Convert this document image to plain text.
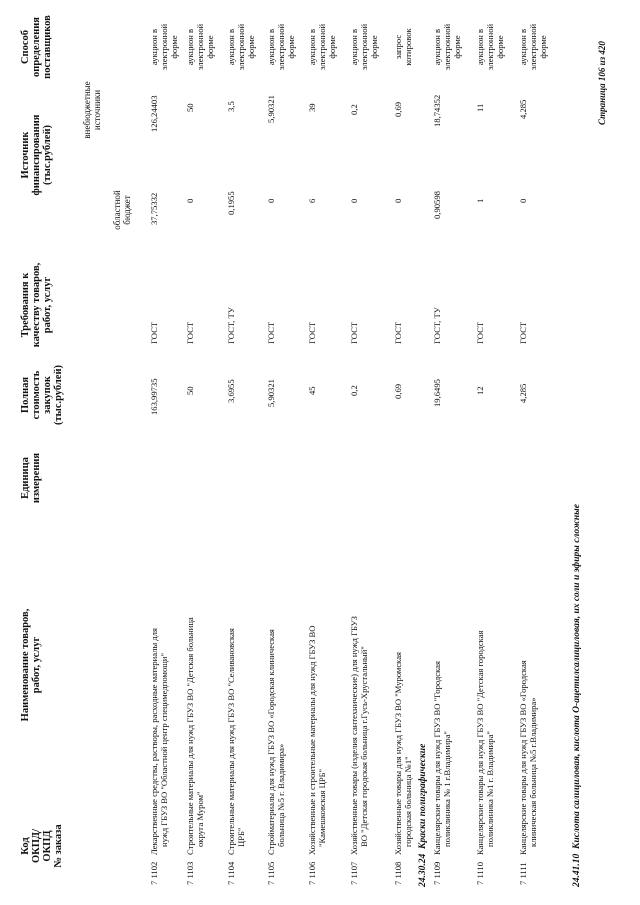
Код ОКПД/ ОКПД № заказа
Наименование товаров, работ, услуг
Единица измерения
Полная стоимость закупок (тыс.рублей)
Требования к качеству товаров, работ, услуг
Источник финансирования (тыс.рублей)
областной бюджет
внебюджетные источники
Способ определения поставщиков
7 1102
Лекарственные средства, растворы, расходные материалы для нужд ГБУЗ ВО "Областной центр специмедпомощи"
163,99735
ГОСТ
37,75332
126,24403
аукцион в электронной форме
7 1103
Строительные материалы для нужд ГБУЗ ВО "Детская больница округа Муром"
50
ГОСТ
0
50
аукцион в электронной форме
7 1104
Строительные материалы для нужд ГБУЗ ВО "Селивановская ЦРБ"
3,6955
ГОСТ, ТУ
0,1955
3,5
аукцион в электронной форме
7 1105
Стройматериалы для нужд ГБУЗ ВО «Городская клиническая больница №5 г. Владимира»
5,90321
ГОСТ
0
5,90321
аукцион в электронной форме
7 1106
Хозяйственные и строительные материалы для нужд ГБУЗ ВО "Камешковская ЦРБ"
45
ГОСТ
6
39
аукцион в электронной форме
7 1107
Хозяйственные товары (изделия сантехнические) для нужд ГБУЗ ВО "Детская городская больница г.Гусь-Хрустальный"
0,2
ГОСТ
0
0,2
аукцион в электронной форме
7 1108
Хозяйственные товары для нужд ГБУЗ ВО "Муромская городская больница №1"
0,69
ГОСТ
0
0,69
запрос котировок
24.30.24  Краски полиграфические
7 1109
Канцелярские товары для нужд ГБУЗ ВО "Городская поликлиника № 1 г.Владимира"
19,6495
ГОСТ, ТУ
0,90598
18,74352
аукцион в электронной форме
7 1110
Канцелярские товары для нужд ГБУЗ ВО "Детская городская поликлиника №1 г. Владимира"
12
ГОСТ
1
11
аукцион в электронной форме
7 1111
Канцелярские товары для нужд ГБУЗ ВО «Городская клиническая больница №5 г.Владимира»
4,285
ГОСТ
0
4,285
аукцион в электронной форме
24.41.10  Кислота салициловая, кислота О-ацетилсалициловая, их соли и эфиры сложные
Страница 106 из 420
